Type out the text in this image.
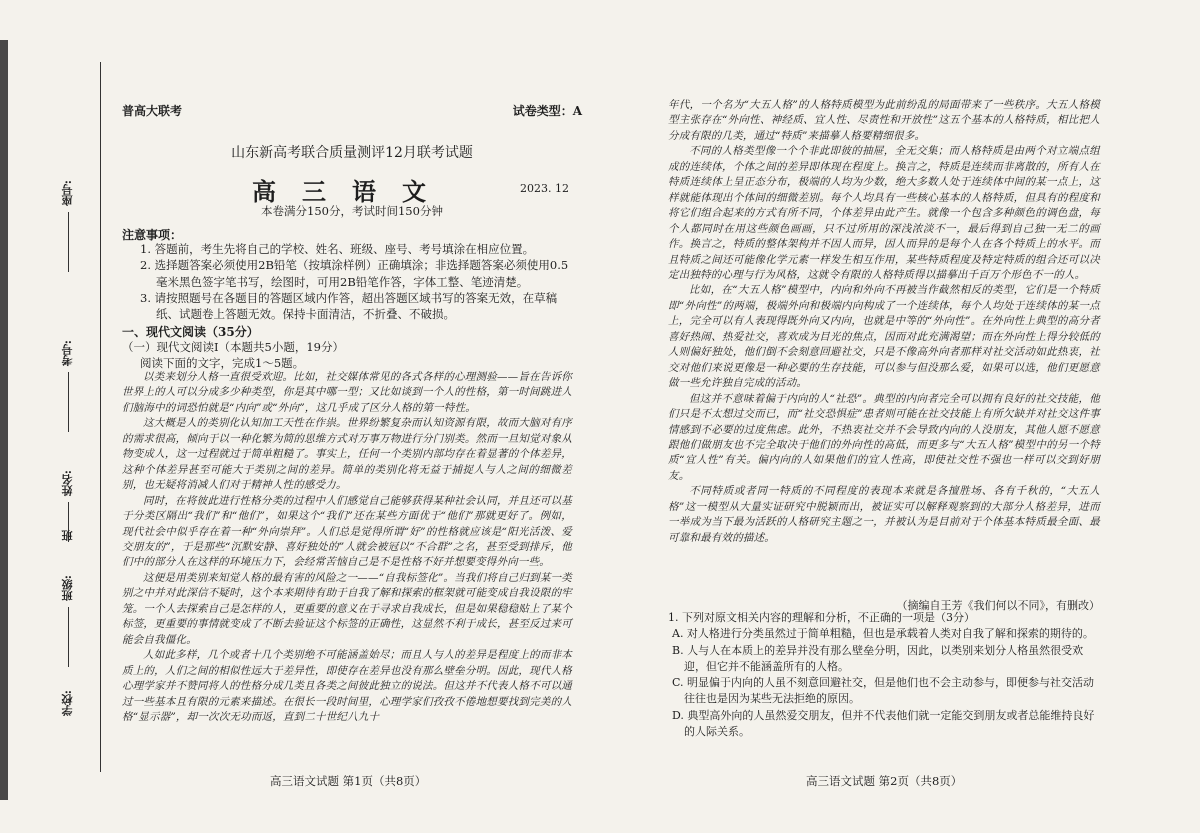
座号:
考号:
姓名:
班
班级:
学校:
普高大联考	试卷类型：A
山东新高考联合质量测评12月联考试题
高三语文	2023. 12
本卷满分150分，考试时间150分钟
注意事项：

1. 答题前，考生先将自己的学校、姓名、班级、座号、考号填涂在相应位置。

2. 选择题答案必须使用2B铅笔（按填涂样例）正确填涂；非选择题答案必须使用0.5毫米黑色签字笔书写，绘图时，可用2B铅笔作答，字体工整、笔迹清楚。

3. 请按照题号在各题目的答题区域内作答，超出答题区域书写的答案无效，在草稿纸、试题卷上答题无效。保持卡面清洁，不折叠、不破损。

一、现代文阅读（35分）
（一）现代文阅读Ⅰ（本题共5小题，19分）
阅读下面的文字，完成1～5题。

以类来划分人格一直很受欢迎。比如，社交媒体常见的各式各样的心理测验——旨在告诉你世界上的人可以分成多少种类型，你是其中哪一型；又比如谈到一个人的性格，第一时间跳进人们脑海中的词恐怕就是“内向”或“外向”，这几乎成了区分人格的第一特性。

这大概是人的类别化认知加工天性在作祟。世界纷繁复杂而认知资源有限，故而大脑对有序的需求很高，倾向于以一种化繁为简的思维方式对万事万物进行分门别类。然而一旦知觉对象从物变成人，这一过程就过于简单粗糙了。事实上，任何一个类别内部均存在着显著的个体差异，这种个体差异甚至可能大于类别之间的差异。简单的类别化将无益于捕捉人与人之间的细微差别，也无疑将消减人们对于精神人性的感受力。

同时，在将彼此进行性格分类的过程中人们感觉自己能够获得某种社会认同，并且还可以基于分类区隔出“我们”和“他们”，如果这个“我们”还在某些方面优于“他们”那就更好了。例如，现代社会中似乎存在着一种“外向崇拜”。人们总是觉得所谓“好”的性格就应该是“阳光活泼、爱交朋友的”，于是那些“沉默安静、喜好独处的”人就会被冠以“不合群”之名，甚至受到排斥，他们中的部分人在这样的环境压力下，会经常苦恼自己是不是性格不好并想要变得外向一些。

这便是用类别来知觉人格的最有害的风险之一——“自我标签化”。当我们将自己归到某一类别之中并对此深信不疑时，这个本来期待有助于自我了解和探索的框架就可能变成自我设限的牢笼。一个人去探索自己是怎样的人，更重要的意义在于寻求自我成长，但是如果稳稳贴上了某个标签，更重要的事情就变成了不断去验证这个标签的正确性，这显然不利于成长，甚至反过来可能会自我僵化。

人如此多样，几个或者十几个类别绝不可能涵盖始尽；而且人与人的差异是程度上的而非本质上的，人们之间的相似性远大于差异性，即使存在差异也没有那么壁垒分明。因此，现代人格心理学家并不赞同将人的性格分成几类且各类之间彼此独立的说法。但这并不代表人格不可以通过一些基本且有限的元素来描述。在很长一段时间里，心理学家们孜孜不倦地想要找到完美的人格“显示器”，却一次次无功而返，直到二十世纪八九十

年代，一个名为“大五人格”的人格特质模型为此前纷乱的局面带来了一些秩序。大五人格模型主张存在“外向性、神经质、宜人性、尽责性和开放性”这五个基本的人格特质，相比把人分成有限的几类，通过“特质”来描摹人格要精细很多。

不同的人格类型像一个个非此即彼的抽屉，全无交集；而人格特质是由两个对立端点组成的连续体，个体之间的差异即体现在程度上。换言之，特质是连续而非离散的，所有人在特质连续体上呈正态分布，极端的人均为少数，绝大多数人处于连续体中间的某一点上，这样就能体现出个体间的细微差别。每个人均具有一些核心基本的人格特质，但具有的程度和将它们组合起来的方式有所不同，个体差异由此产生。就像一个包含多种颜色的调色盘，每个人都同时在用这些颜色画画，只不过所用的深浅浓淡不一，最后得到自己独一无二的画作。换言之，特质的整体架构并不因人而异，因人而异的是每个人在各个特质上的水平。而且特质之间还可能像化学元素一样发生相互作用，某些特质程度及特定特质的组合还可以决定出独特的心理与行为风格，这就令有限的人格特质得以描摹出千百万个形色不一的人。

比如，在“大五人格”模型中，内向和外向不再被当作截然相反的类型，它们是一个特质即“外向性”的两端，极端外向和极端内向构成了一个连续体，每个人均处于连续体的某一点上，完全可以有人表现得既外向又内向，也就是中等的“外向性”。在外向性上典型的高分者喜好热闹、热爱社交，喜欢成为目光的焦点，因而对此充满渴望；而在外向性上得分较低的人则偏好独处，他们倒不会刻意回避社交，只是不像高外向者那样对社交活动如此热衷，社交对他们来说更像是一种必要的生存技能，可以参与但没那么爱，如果可以选，他们更愿意做一些允许独自完成的活动。

但这并不意味着偏于内向的人“社恐”。典型的内向者完全可以拥有良好的社交技能，他们只是不太想过交而已，而“社交恐惧症”患者则可能在社交技能上有所欠缺并对社交这件事情感到不必要的过度焦虑。此外，不热衷社交并不会导致内向的人没朋友，其他人愿不愿意跟他们做朋友也不完全取决于他们的外向性的高低，而更多与“大五人格”模型中的另一个特质“宜人性”有关。偏内向的人如果他们的宜人性高，即使社交性不强也一样可以交到好朋友。

不同特质或者同一特质的不同程度的表现本来就是各擅胜场、各有千秋的，“大五人格”这一模型从大量实证研究中脱颖而出，被证实可以解释观察到的大部分人格差异，进而一举成为当下最为活跃的人格研究主题之一，并被认为是目前对于个体基本特质最全面、最可靠和最有效的描述。

（摘编自王芳《我们何以不同》，有删改）

1. 下列对原文相关内容的理解和分析，不正确的一项是（3分）

A. 对人格进行分类虽然过于简单粗糙，但也是承载着人类对自我了解和探索的期待的。

B. 人与人在本质上的差异并没有那么壁垒分明，因此，以类别来划分人格虽然很受欢迎，但它并不能涵盖所有的人格。

C. 明显偏于内向的人虽不刻意回避社交，但是他们也不会主动参与，即便参与社交活动往往也是因为某些无法拒绝的原因。

D. 典型高外向的人虽然爱交朋友，但并不代表他们就一定能交到朋友或者总能维持良好的人际关系。

高三语文试题 第1页（共8页）	高三语文试题 第2页（共8页）
